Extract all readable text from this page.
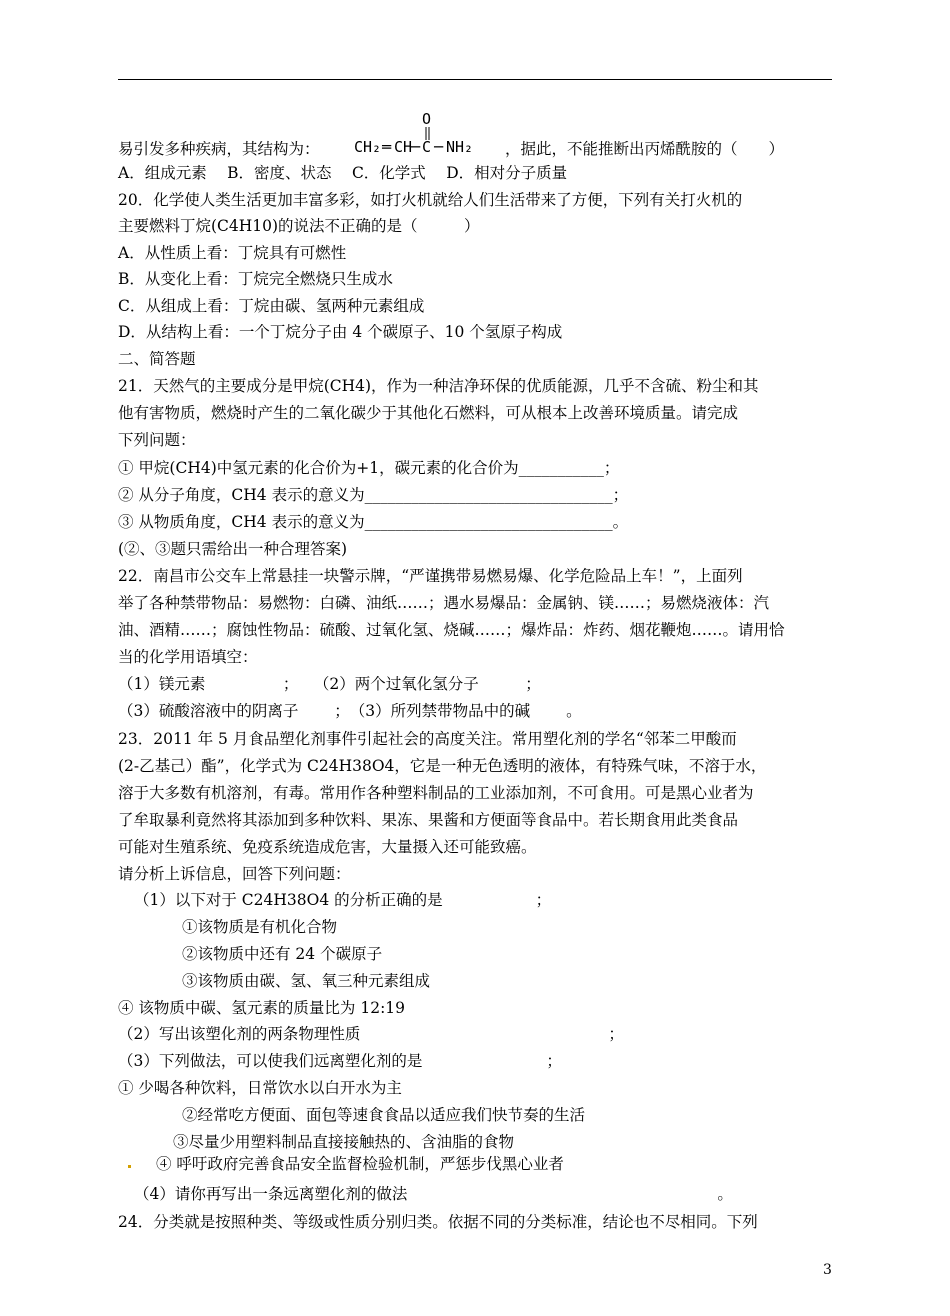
O
CH₂ ═ CH
─ C ─ NH₂
易引发多种疾病，其结构为：	，据此，不能推断出丙烯酰胺的（　　）
A．组成元素　 B．密度、状态　 C．化学式　 D．相对分子质量
20．化学使人类生活更加丰富多彩，如打火机就给人们生活带来了方便，下列有关打火机的
主要燃料丁烷(C4H10)的说法不正确的是（　　　）
A．从性质上看：丁烷具有可燃性
B．从变化上看：丁烷完全燃烧只生成水
C．从组成上看：丁烷由碳、氢两种元素组成
D．从结构上看：一个丁烷分子由 4 个碳原子、10 个氢原子构成
二、简答题
21．天然气的主要成分是甲烷(CH4)，作为一种洁净环保的优质能源，几乎不含硫、粉尘和其
他有害物质，燃烧时产生的二氧化碳少于其他化石燃料，可从根本上改善环境质量。请完成
下列问题：
① 甲烷(CH4)中氢元素的化合价为+1，碳元素的化合价为___________；
② 从分子角度，CH4 表示的意义为________________________________；
③ 从物质角度，CH4 表示的意义为________________________________。
(②、③题只需给出一种合理答案)
22．南昌市公交车上常悬挂一块警示牌，“严谨携带易燃易爆、化学危险品上车！”，上面列
举了各种禁带物品：易燃物：白磷、油纸……；遇水易爆品：金属钠、镁……；易燃烧液体：汽
油、酒精……；腐蚀性物品：硫酸、过氧化氢、烧碱……；爆炸品：炸药、烟花鞭炮……。请用恰
当的化学用语填空：
（1）镁元素　　　　　；　　（2）两个过氧化氢分子　　　；
（3）硫酸溶液中的阴离子　　 ；　（3）所列禁带物品中的碱　　 。
23．2011 年 5 月食品塑化剂事件引起社会的高度关注。常用塑化剂的学名“邻苯二甲酸而
(2-乙基己）酯”，化学式为 C24H38O4，它是一种无色透明的液体，有特殊气味，不溶于水，
溶于大多数有机溶剂，有毒。常用作各种塑料制品的工业添加剂，不可食用。可是黑心业者为
了牟取暴利竟然将其添加到多种饮料、果冻、果酱和方便面等食品中。若长期食用此类食品
可能对生殖系统、免疫系统造成危害，大量摄入还可能致癌。
请分析上诉信息，回答下列问题：
（1）以下对于 C24H38O4 的分析正确的是　　　　　　；
①该物质是有机化合物
②该物质中还有 24 个碳原子
③该物质由碳、氢、氧三种元素组成
④ 该物质中碳、氢元素的质量比为 12:19
（2）写出该塑化剂的两条物理性质　　　　　　　　　　　　　　　　；
（3）下列做法，可以使我们远离塑化剂的是　　　　　　　　；
① 少喝各种饮料，日常饮水以白开水为主
②经常吃方便面、面包等速食食品以适应我们快节奏的生活
③尽量少用塑料制品直接接触热的、含油脂的食物
④ 呼吁政府完善食品安全监督检验机制，严惩步伐黑心业者
（4）请你再写出一条远离塑化剂的做法　　　　　　　　　　　　　　　　　　　　。
24．分类就是按照种类、等级或性质分别归类。依据不同的分类标准，结论也不尽相同。下列
3
